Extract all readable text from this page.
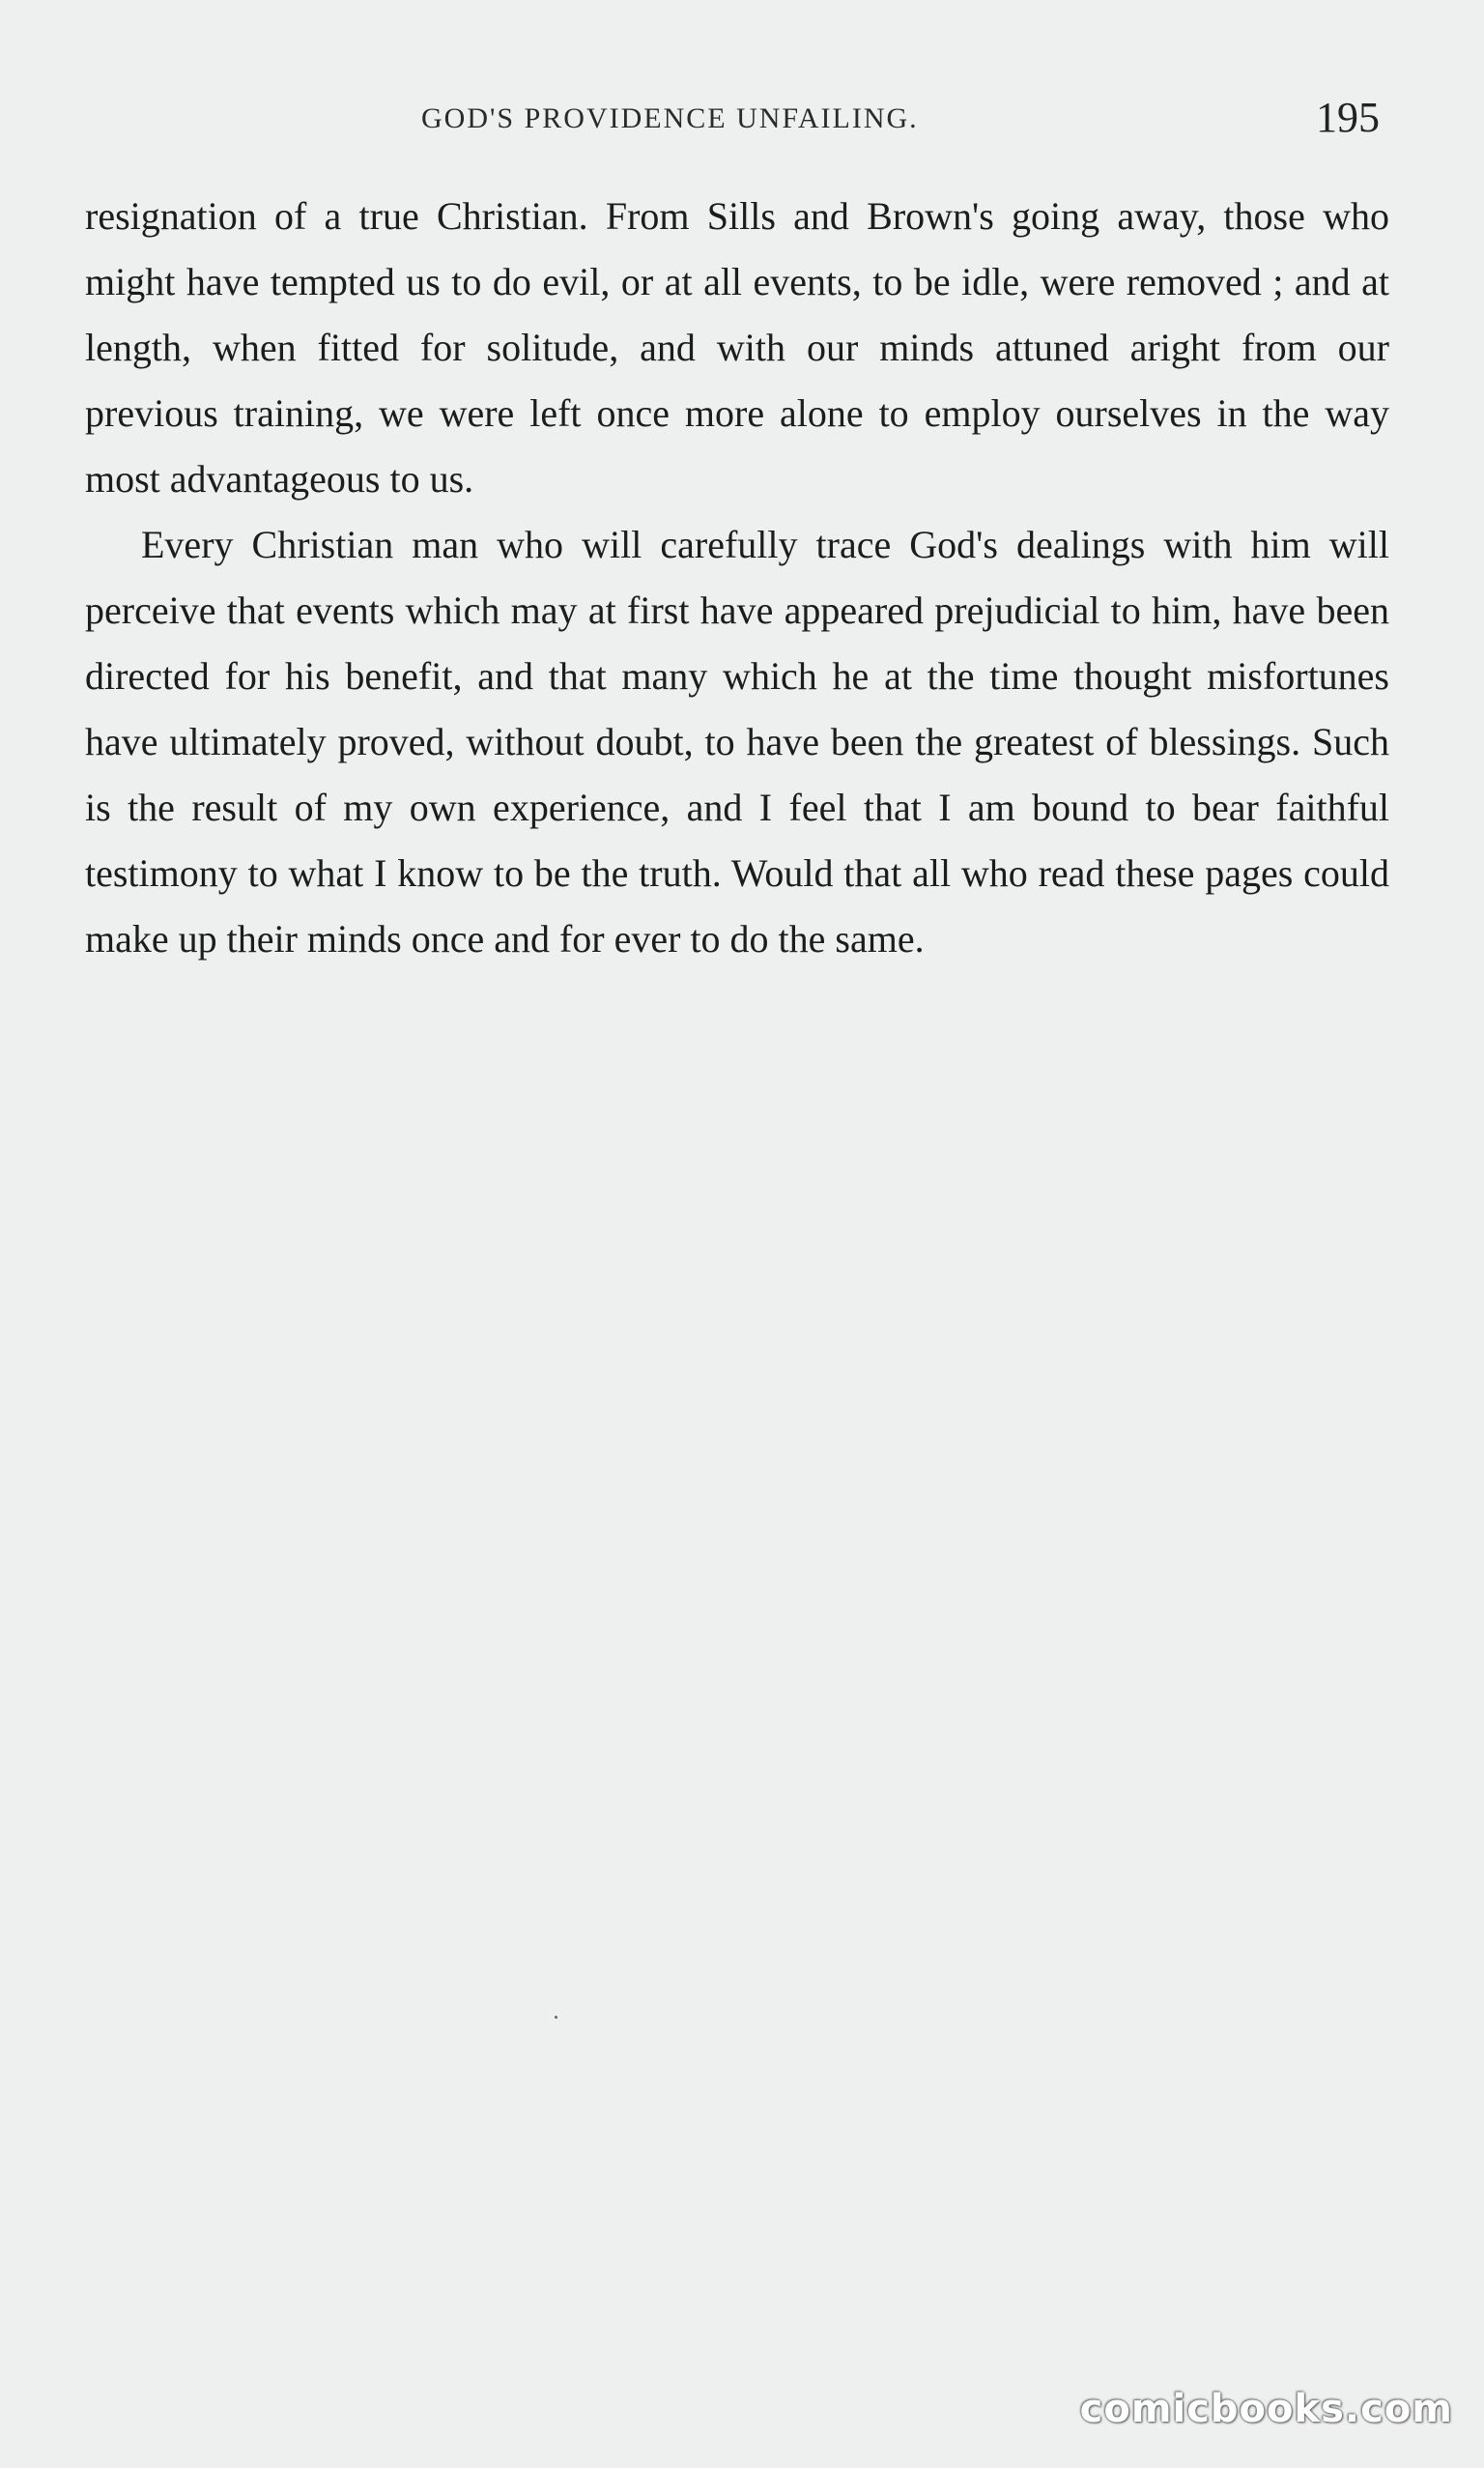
GOD'S PROVIDENCE UNFAILING.	195

resignation of a true Christian. From Sills and Brown's going away, those who might have tempted us to do evil, or at all events, to be idle, were removed ; and at length, when fitted for solitude, and with our minds attuned aright from our previous training, we were left once more alone to employ ourselves in the way most advantageous to us.

Every Christian man who will carefully trace God's dealings with him will perceive that events which may at first have appeared prejudicial to him, have been directed for his benefit, and that many which he at the time thought misfortunes have ultimately proved, without doubt, to have been the greatest of blessings. Such is the result of my own experience, and I feel that I am bound to bear faithful testimony to what I know to be the truth. Would that all who read these pages could make up their minds once and for ever to do the same.

comicbooks.com
